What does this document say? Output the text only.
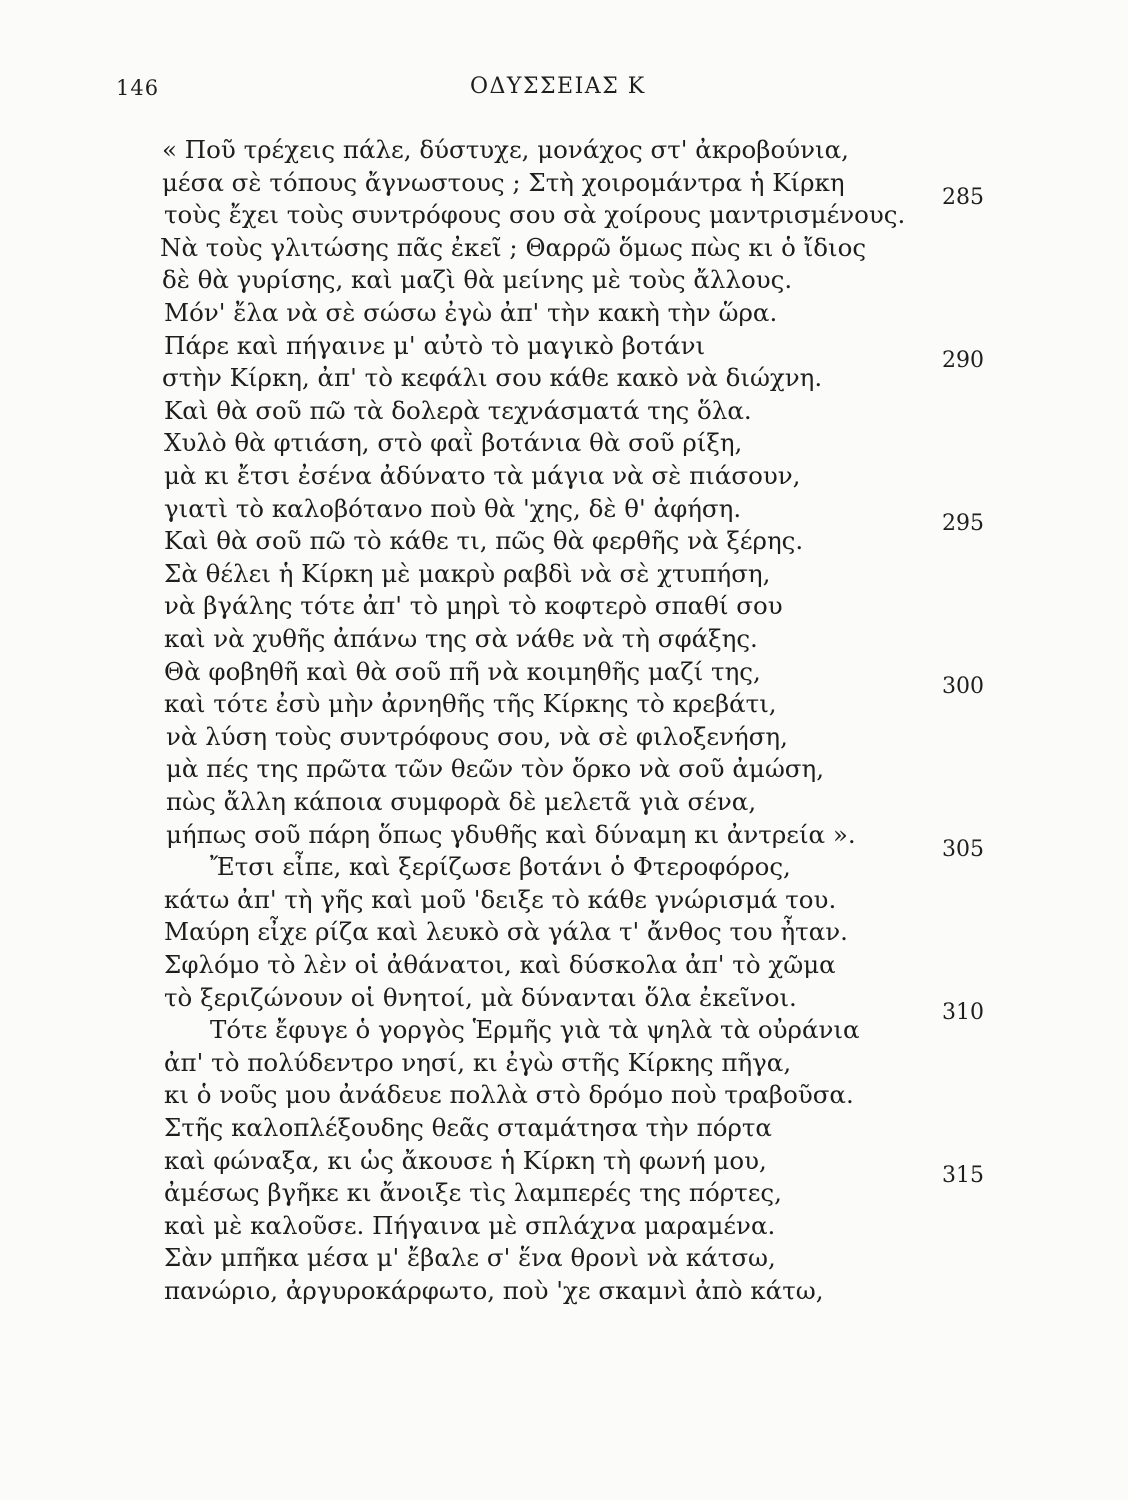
146	ΟΔΥΣΣΕΙΑΣ Κ
« Ποῦ τρέχεις πάλε, δύστυχε, μονάχος στ' ἀκροβούνια,
μέσα σὲ τόπους ἄγνωστους ; Στὴ χοιρομάντρα ἡ Κίρκη
285
τοὺς ἔχει τοὺς συντρόφους σου σὰ χοίρους μαντρισμένους.
Νὰ τοὺς γλιτώσης πᾶς ἐκεῖ ; Θαρρῶ ὅμως πὼς κι ὁ ἴδιος
δὲ θὰ γυρίσης, καὶ μαζὶ θὰ μείνης μὲ τοὺς ἄλλους.
Μόν' ἔλα νὰ σὲ σώσω ἐγὼ ἀπ' τὴν κακὴ τὴν ὥρα.
Πάρε καὶ πήγαινε μ' αὐτὸ τὸ μαγικὸ βοτάνι
290
στὴν Κίρκη, ἀπ' τὸ κεφάλι σου κάθε κακὸ νὰ διώχνη.
Καὶ θὰ σοῦ πῶ τὰ δολερὰ τεχνάσματά της ὅλα.
Χυλὸ θὰ φτιάση, στὸ φαῒ βοτάνια θὰ σοῦ ρίξη,
μὰ κι ἔτσι ἐσένα ἀδύνατο τὰ μάγια νὰ σὲ πιάσουν,
γιατὶ τὸ καλοβότανο ποὺ θὰ 'χης, δὲ θ' ἀφήση.
295
Καὶ θὰ σοῦ πῶ τὸ κάθε τι, πῶς θὰ φερθῆς νὰ ξέρης.
Σὰ θέλει ἡ Κίρκη μὲ μακρὺ ραβδὶ νὰ σὲ χτυπήση,
νὰ βγάλης τότε ἀπ' τὸ μηρὶ τὸ κοφτερὸ σπαθί σου
καὶ νὰ χυθῆς ἀπάνω της σὰ νάθε νὰ τὴ σφάξης.
Θὰ φοβηθῆ καὶ θὰ σοῦ πῆ νὰ κοιμηθῆς μαζί της,
300
καὶ τότε ἐσὺ μὴν ἀρνηθῆς τῆς Κίρκης τὸ κρεβάτι,
νὰ λύση τοὺς συντρόφους σου, νὰ σὲ φιλοξενήση,
μὰ πές της πρῶτα τῶν θεῶν τὸν ὅρκο νὰ σοῦ ἀμώση,
πὼς ἄλλη κάποια συμφορὰ δὲ μελετᾶ γιὰ σένα,
μήπως σοῦ πάρη ὅπως γδυθῆς καὶ δύναμη κι ἀντρεία ».
305
Ἔτσι εἶπε, καὶ ξερίζωσε βοτάνι ὁ Φτεροφόρος,
κάτω ἀπ' τὴ γῆς καὶ μοῦ 'δειξε τὸ κάθε γνώρισμά του.
Μαύρη εἶχε ρίζα καὶ λευκὸ σὰ γάλα τ' ἄνθος του ἦταν.
Σφλόμο τὸ λὲν οἱ ἀθάνατοι, καὶ δύσκολα ἀπ' τὸ χῶμα
τὸ ξεριζώνουν οἱ θνητοί, μὰ δύνανται ὅλα ἐκεῖνοι.
310
Τότε ἔφυγε ὁ γοργὸς Ἑρμῆς γιὰ τὰ ψηλὰ τὰ οὐράνια
ἀπ' τὸ πολύδεντρο νησί, κι ἐγὼ στῆς Κίρκης πῆγα,
κι ὁ νοῦς μου ἀνάδευε πολλὰ στὸ δρόμο ποὺ τραβοῦσα.
Στῆς καλοπλέξουδης θεᾶς σταμάτησα τὴν πόρτα
καὶ φώναξα, κι ὡς ἄκουσε ἡ Κίρκη τὴ φωνή μου,
315
ἀμέσως βγῆκε κι ἄνοιξε τὶς λαμπερές της πόρτες,
καὶ μὲ καλοῦσε. Πήγαινα μὲ σπλάχνα μαραμένα.
Σὰν μπῆκα μέσα μ' ἔβαλε σ' ἕνα θρονὶ νὰ κάτσω,
πανώριο, ἀργυροκάρφωτο, ποὺ 'χε σκαμνὶ ἀπὸ κάτω,
